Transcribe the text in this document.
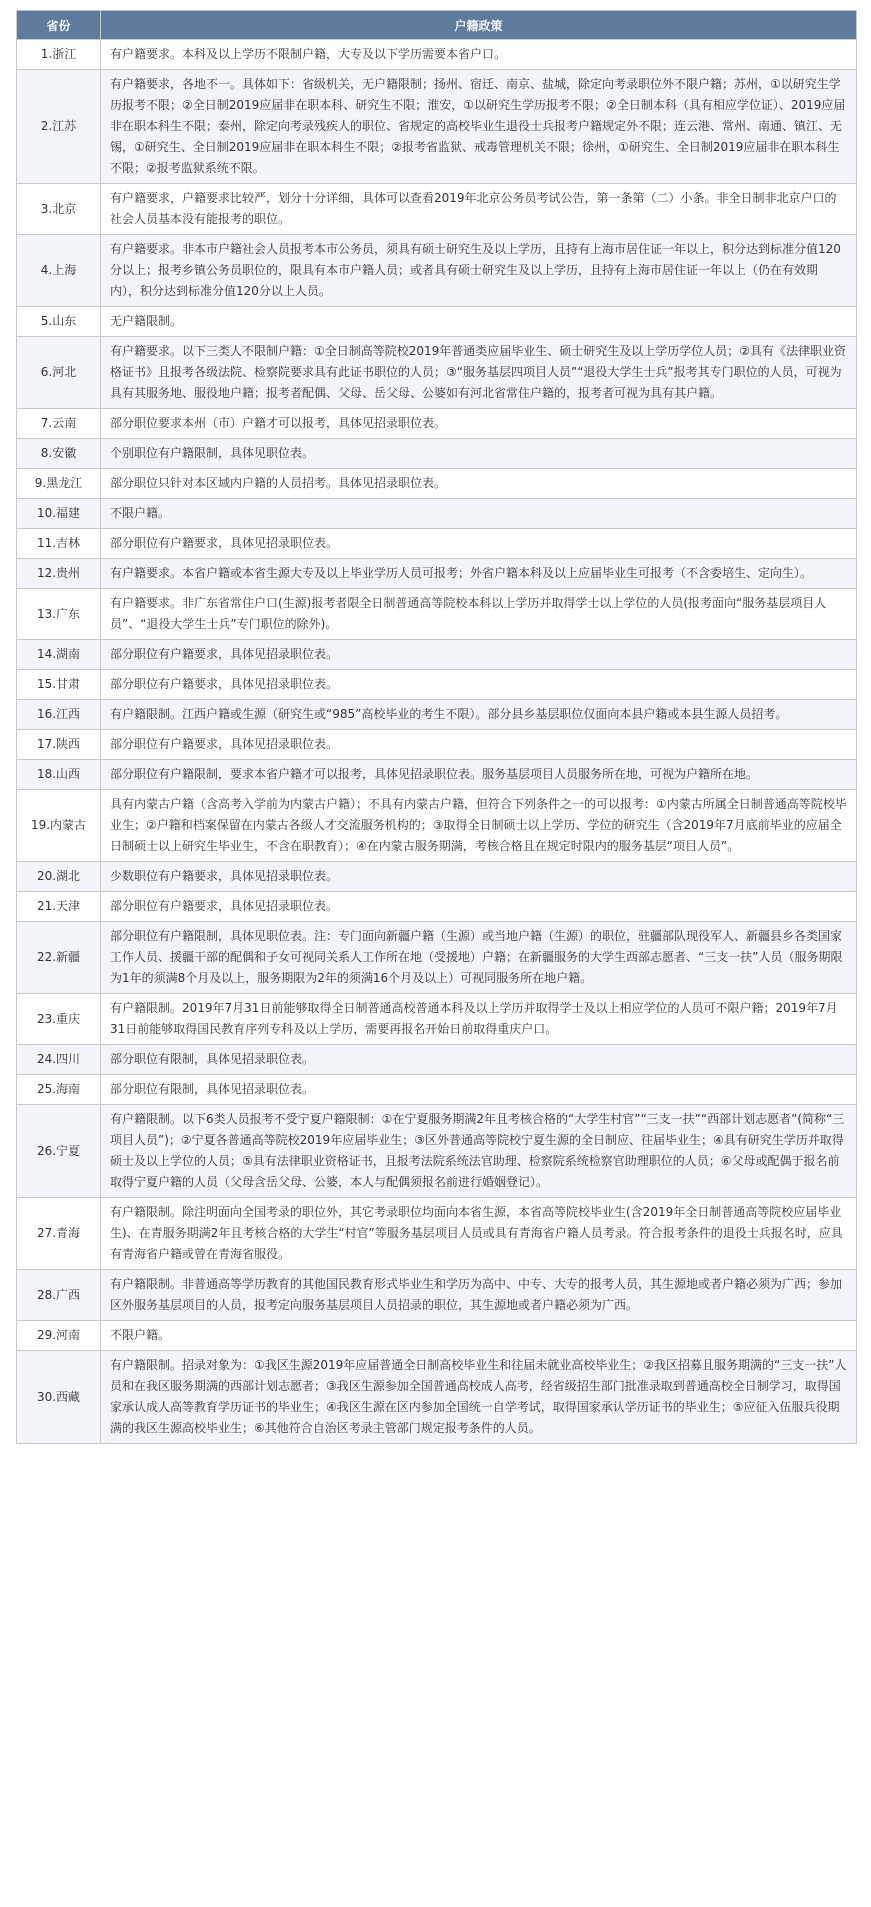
省份	户籍政策
1.浙江	有户籍要求。本科及以上学历不限制户籍，大专及以下学历需要本省户口。
2.江苏	有户籍要求，各地不一。具体如下：省级机关，无户籍限制；扬州、宿迁、南京、盐城，除定向考录职位外不限户籍；苏州，①以研究生学历报考不限；②全日制2019应届非在职本科、研究生不限；淮安，①以研究生学历报考不限；②全日制本科（具有相应学位证）、2019应届非在职本科生不限；泰州，除定向考录残疾人的职位、省规定的高校毕业生退役士兵报考户籍规定外不限；连云港、常州、南通、镇江、无锡，①研究生、全日制2019应届非在职本科生不限；②报考省监狱、戒毒管理机关不限；徐州，①研究生、全日制2019应届非在职本科生不限；②报考监狱系统不限。
3.北京	有户籍要求，户籍要求比较严，划分十分详细，具体可以查看2019年北京公务员考试公告，第一条第（二）小条。非全日制非北京户口的社会人员基本没有能报考的职位。
4.上海	有户籍要求。非本市户籍社会人员报考本市公务员，须具有硕士研究生及以上学历，且持有上海市居住证一年以上，积分达到标准分值120分以上；报考乡镇公务员职位的，限具有本市户籍人员；或者具有硕士研究生及以上学历，且持有上海市居住证一年以上（仍在有效期内），积分达到标准分值120分以上人员。
5.山东	无户籍限制。
6.河北	有户籍要求。以下三类人不限制户籍：①全日制高等院校2019年普通类应届毕业生、硕士研究生及以上学历学位人员；②具有《法律职业资格证书》且报考各级法院、检察院要求具有此证书职位的人员；③“服务基层四项目人员”“退役大学生士兵”报考其专门职位的人员，可视为具有其服务地、服役地户籍；报考者配偶、父母、岳父母、公婆如有河北省常住户籍的，报考者可视为具有其户籍。
7.云南	部分职位要求本州（市）户籍才可以报考，具体见招录职位表。
8.安徽	个别职位有户籍限制，具体见职位表。
9.黑龙江	部分职位只针对本区域内户籍的人员招考。具体见招录职位表。
10.福建	不限户籍。
11.吉林	部分职位有户籍要求，具体见招录职位表。
12.贵州	有户籍要求。本省户籍或本省生源大专及以上毕业学历人员可报考；外省户籍本科及以上应届毕业生可报考（不含委培生、定向生）。
13.广东	有户籍要求。非广东省常住户口(生源)报考者限全日制普通高等院校本科以上学历并取得学士以上学位的人员(报考面向“服务基层项目人员”、“退役大学生士兵”专门职位的除外)。
14.湖南	部分职位有户籍要求，具体见招录职位表。
15.甘肃	部分职位有户籍要求，具体见招录职位表。
16.江西	有户籍限制。江西户籍或生源（研究生或“985”高校毕业的考生不限）。部分县乡基层职位仅面向本县户籍或本县生源人员招考。
17.陕西	部分职位有户籍要求，具体见招录职位表。
18.山西	部分职位有户籍限制，要求本省户籍才可以报考，具体见招录职位表。服务基层项目人员服务所在地，可视为户籍所在地。
19.内蒙古	具有内蒙古户籍（含高考入学前为内蒙古户籍）；不具有内蒙古户籍，但符合下列条件之一的可以报考：①内蒙古所属全日制普通高等院校毕业生；②户籍和档案保留在内蒙古各级人才交流服务机构的；③取得全日制硕士以上学历、学位的研究生（含2019年7月底前毕业的应届全日制硕士以上研究生毕业生，不含在职教育）；④在内蒙古服务期满，考核合格且在规定时限内的服务基层“项目人员”。
20.湖北	少数职位有户籍要求，具体见招录职位表。
21.天津	部分职位有户籍要求，具体见招录职位表。
22.新疆	部分职位有户籍限制，具体见职位表。注：专门面向新疆户籍（生源）或当地户籍（生源）的职位，驻疆部队现役军人、新疆县乡各类国家工作人员、援疆干部的配偶和子女可视同关系人工作所在地（受援地）户籍；在新疆服务的大学生西部志愿者、“三支一扶”人员（服务期限为1年的须满8个月及以上，服务期限为2年的须满16个月及以上）可视同服务所在地户籍。
23.重庆	有户籍限制。2019年7月31日前能够取得全日制普通高校普通本科及以上学历并取得学士及以上相应学位的人员可不限户籍；2019年7月31日前能够取得国民教育序列专科及以上学历，需要再报名开始日前取得重庆户口。
24.四川	部分职位有限制，具体见招录职位表。
25.海南	部分职位有限制，具体见招录职位表。
26.宁夏	有户籍限制。以下6类人员报考不受宁夏户籍限制：①在宁夏服务期满2年且考核合格的“大学生村官”“三支一扶”“西部计划志愿者”(简称“三项目人员”)；②宁夏各普通高等院校2019年应届毕业生；③区外普通高等院校宁夏生源的全日制应、往届毕业生；④具有研究生学历并取得硕士及以上学位的人员；⑤具有法律职业资格证书，且报考法院系统法官助理、检察院系统检察官助理职位的人员；⑥父母或配偶于报名前取得宁夏户籍的人员（父母含岳父母、公婆，本人与配偶须报名前进行婚姻登记）。
27.青海	有户籍限制。除注明面向全国考录的职位外，其它考录职位均面向本省生源，本省高等院校毕业生(含2019年全日制普通高等院校应届毕业生)、在青服务期满2年且考核合格的大学生“村官”等服务基层项目人员或具有青海省户籍人员考录。符合报考条件的退役士兵报名时，应具有青海省户籍或曾在青海省服役。
28.广西	有户籍限制。非普通高等学历教育的其他国民教育形式毕业生和学历为高中、中专、大专的报考人员，其生源地或者户籍必须为广西；参加区外服务基层项目的人员，报考定向服务基层项目人员招录的职位，其生源地或者户籍必须为广西。
29.河南	不限户籍。
30.西藏	有户籍限制。招录对象为：①我区生源2019年应届普通全日制高校毕业生和往届未就业高校毕业生；②我区招募且服务期满的“三支一扶”人员和在我区服务期满的西部计划志愿者；③我区生源参加全国普通高校成人高考，经省级招生部门批准录取到普通高校全日制学习，取得国家承认成人高等教育学历证书的毕业生；④我区生源在区内参加全国统一自学考试，取得国家承认学历证书的毕业生；⑤应征入伍服兵役期满的我区生源高校毕业生；⑥其他符合自治区考录主管部门规定报考条件的人员。
